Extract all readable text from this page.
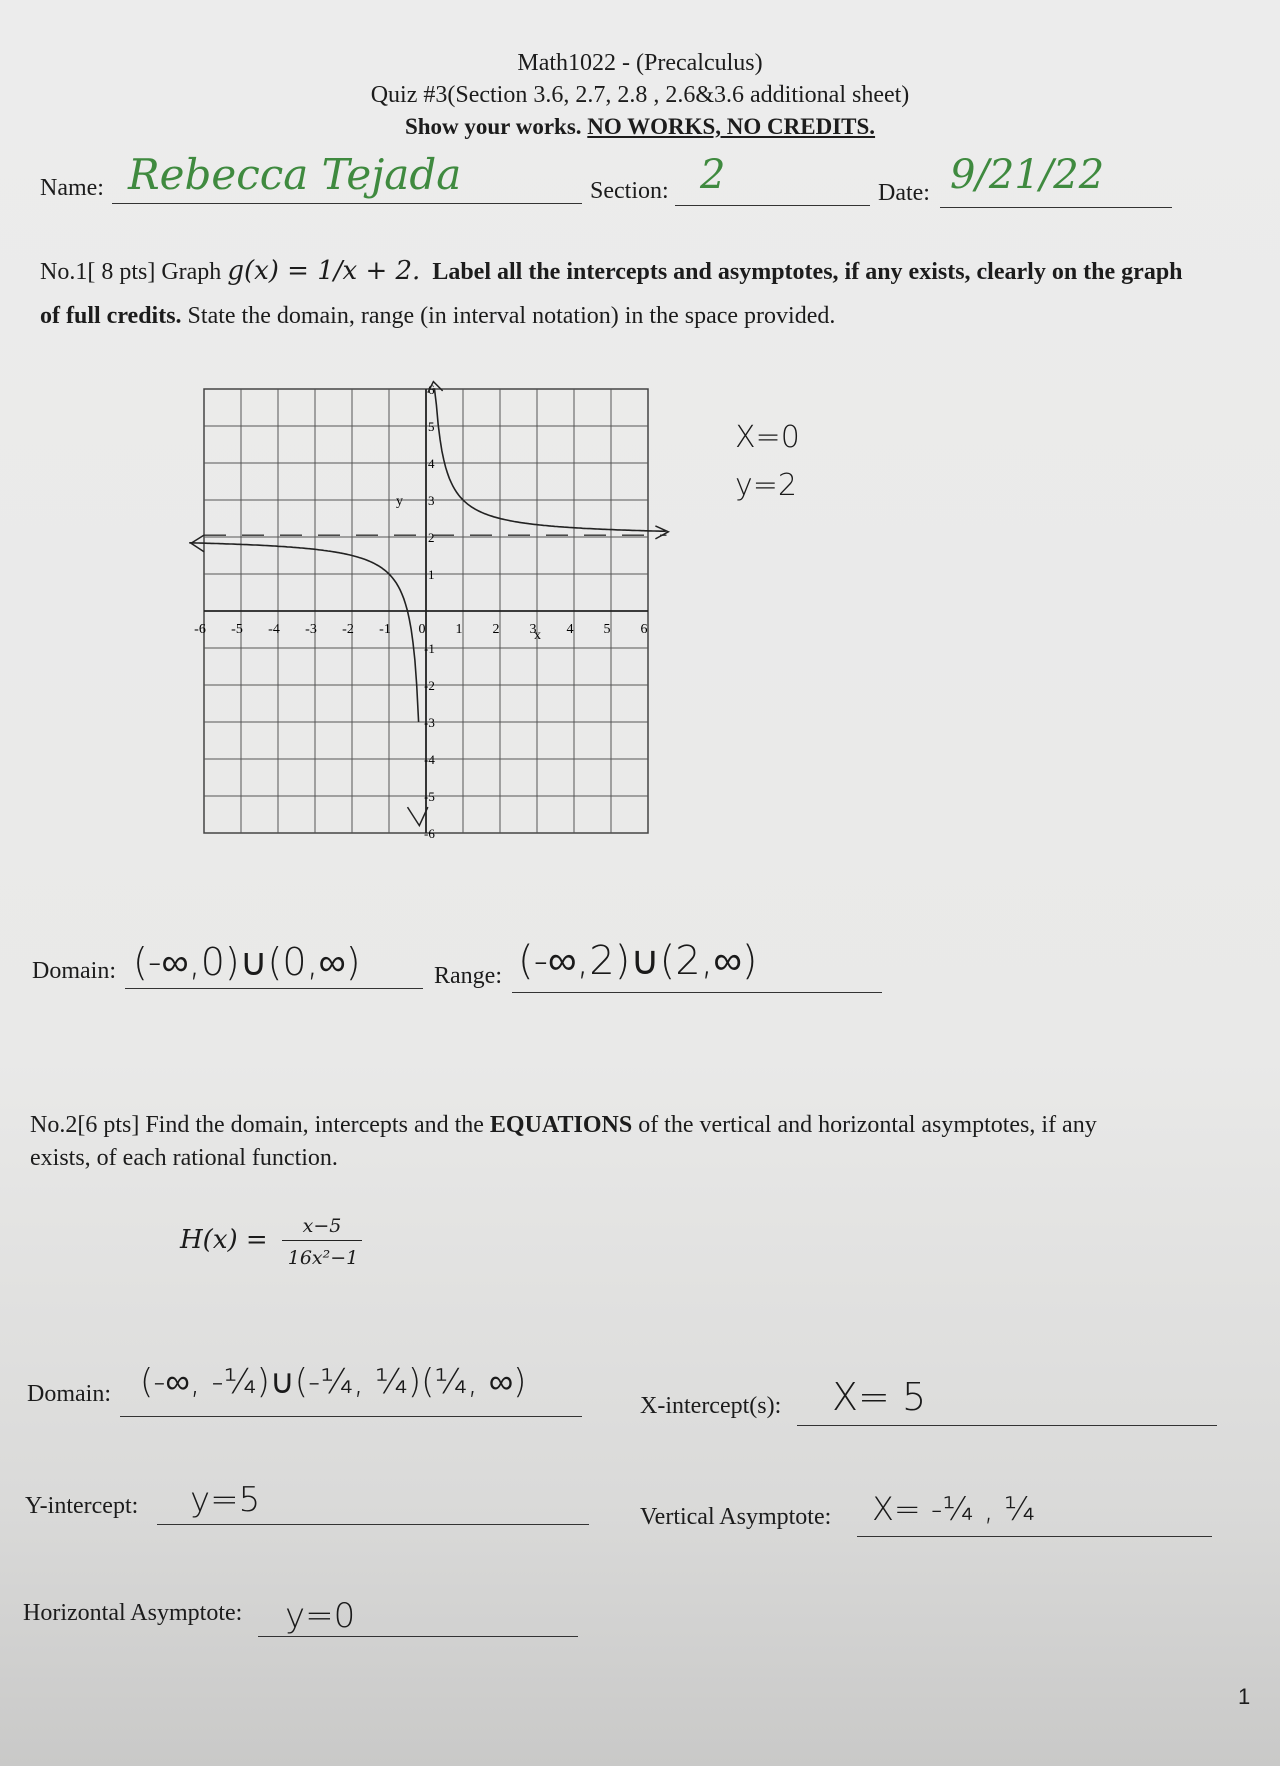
Math1022 - (Precalculus)
Quiz #3(Section 3.6, 2.7, 2.8 , 2.6&3.6 additional sheet)
Show your works. NO WORKS, NO CREDITS.
Name: Rebecca Tejada	Section: 2	Date: 9/21/22
No.1[ 8 pts] Graph g(x) = 1/x + 2. Label all the intercepts and asymptotes, if any exists, clearly on the graph
of full credits. State the domain, range (in interval notation) in the space provided.
-6 -5 -4 -3 -2 -1 0 1 2 3 4 5 6
1
2
3
4
5
6
-1
-2
-3
-4
-5
-6
y
x
X=0
y=2
Domain: (-∞,0)∪(0,∞)	Range: (-∞,2)∪(2,∞)
No.2[6 pts] Find the domain, intercepts and the EQUATIONS of the vertical and horizontal asymptotes, if any
exists, of each rational function.
H(x) =	x−5
16x²−1
Domain: (-∞, -¼)∪(-¼, ¼)(¼, ∞)
X-intercept(s): X= 5
Y-intercept: y=5	Vertical Asymptote: X= -¼ , ¼
Horizontal Asymptote: y=0
1
